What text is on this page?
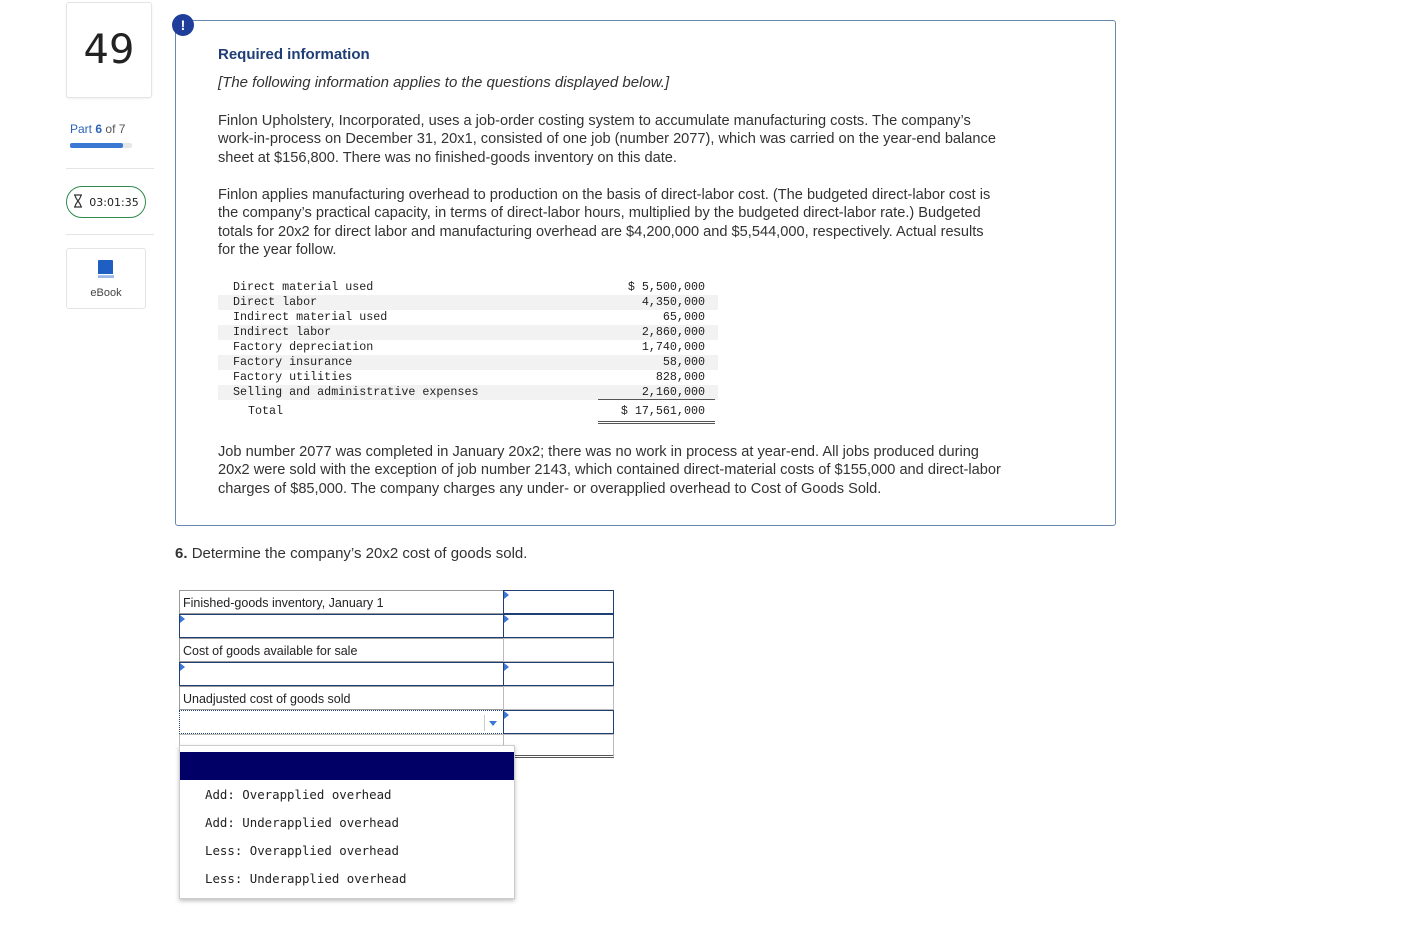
49
Part 6 of 7
03:01:35
eBook
!
Required information
[The following information applies to the questions displayed below.]
Finlon Upholstery, Incorporated, uses a job-order costing system to accumulate manufacturing costs. The company’s
work-in-process on December 31, 20x1, consisted of one job (number 2077), which was carried on the year-end balance
sheet at $156,800. There was no finished-goods inventory on this date.
Finlon applies manufacturing overhead to production on the basis of direct-labor cost. (The budgeted direct-labor cost is
the company’s practical capacity, in terms of direct-labor hours, multiplied by the budgeted direct-labor rate.) Budgeted
totals for 20x2 for direct labor and manufacturing overhead are $4,200,000 and $5,544,000, respectively. Actual results
for the year follow.
Direct material used	$ 5,500,000
Direct labor	4,350,000
Indirect material used	65,000
Indirect labor	2,860,000
Factory depreciation	1,740,000
Factory insurance	58,000
Factory utilities	828,000
Selling and administrative expenses	2,160,000
Total	$ 17,561,000
Job number 2077 was completed in January 20x2; there was no work in process at year-end. All jobs produced during
20x2 were sold with the exception of job number 2143, which contained direct-material costs of $155,000 and direct-labor
charges of $85,000. The company charges any under- or overapplied overhead to Cost of Goods Sold.
6. Determine the company’s 20x2 cost of goods sold.
Finished-goods inventory, January 1
Cost of goods available for sale
Unadjusted cost of goods sold
Add: Overapplied overhead
Add: Underapplied overhead
Less: Overapplied overhead
Less: Underapplied overhead
